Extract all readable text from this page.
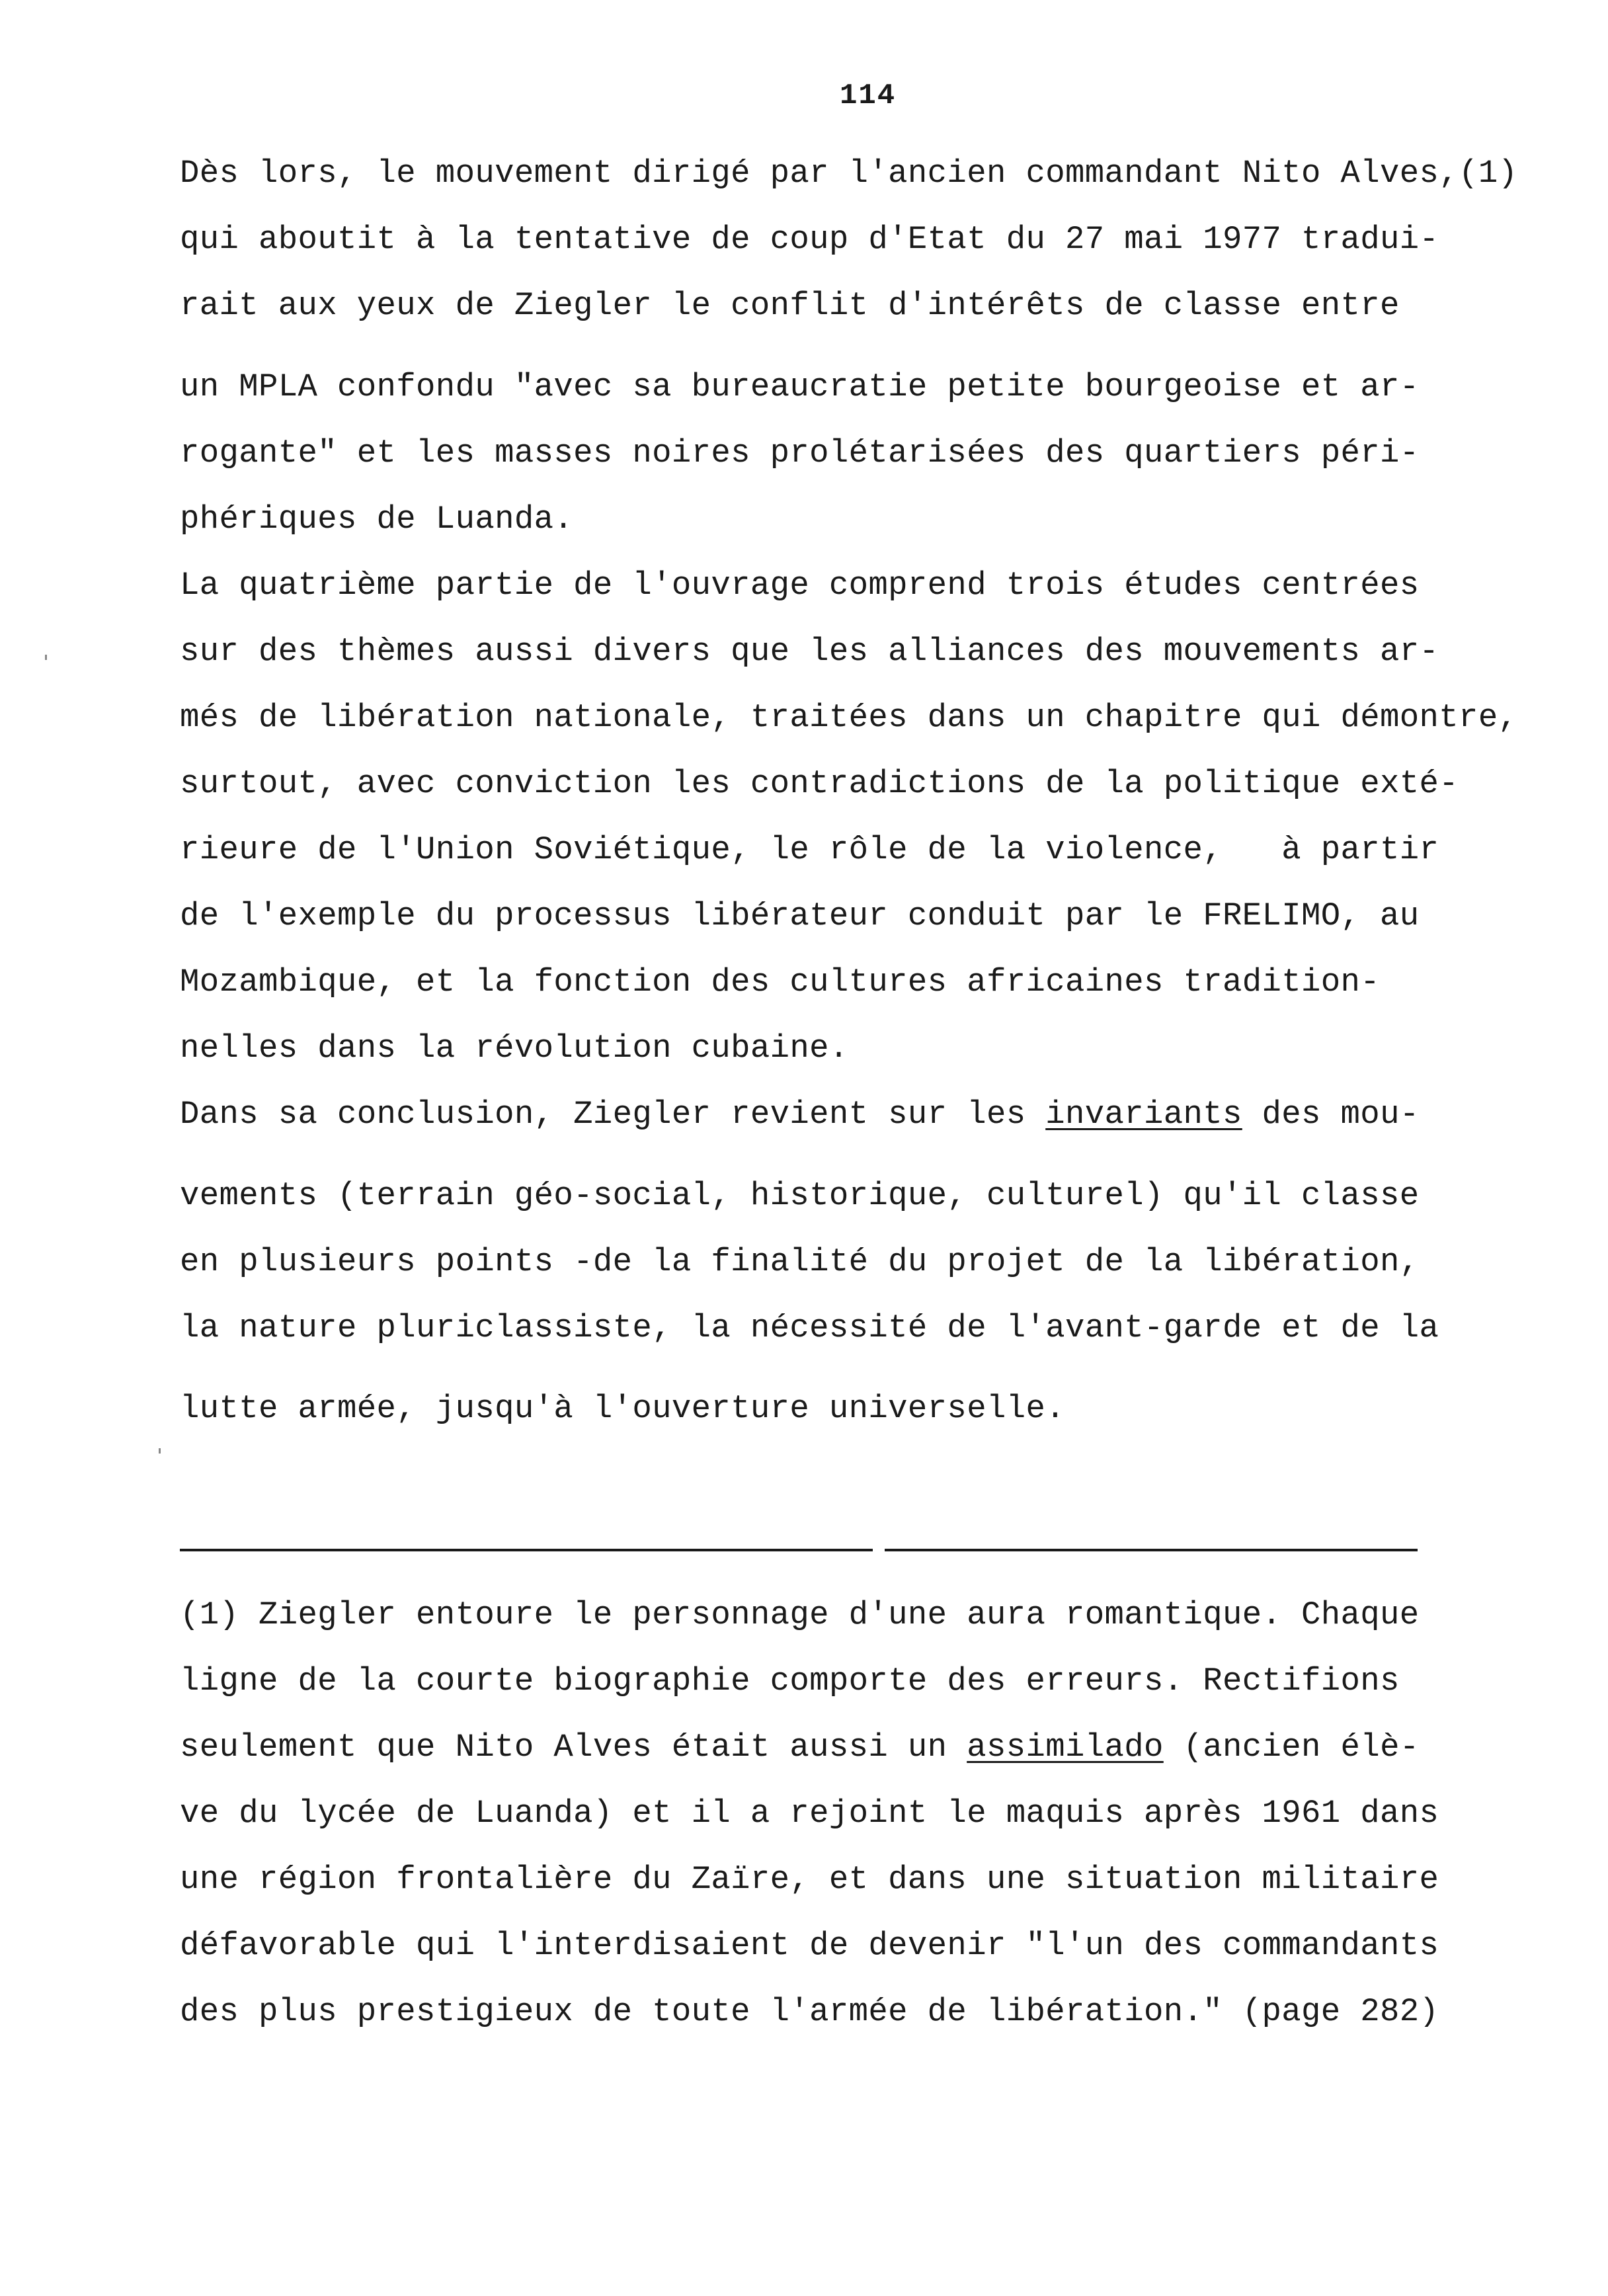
114
Dès lors, le mouvement dirigé par l'ancien commandant Nito Alves,(1)
qui aboutit à la tentative de coup d'Etat du 27 mai 1977 tradui-
rait aux yeux de Ziegler le conflit d'intérêts de classe entre
un MPLA confondu "avec sa bureaucratie petite bourgeoise et ar-
rogante" et les masses noires prolétarisées des quartiers péri-
phériques de Luanda.
La quatrième partie de l'ouvrage comprend trois études centrées
sur des thèmes aussi divers que les alliances des mouvements ar-
més de libération nationale, traitées dans un chapitre qui démontre,
surtout, avec conviction les contradictions de la politique exté-
rieure de l'Union Soviétique, le rôle de la violence,   à partir
de l'exemple du processus libérateur conduit par le FRELIMO, au
Mozambique, et la fonction des cultures africaines tradition-
nelles dans la révolution cubaine.
Dans sa conclusion, Ziegler revient sur les invariants des mou-
vements (terrain géo-social, historique, culturel) qu'il classe
en plusieurs points -de la finalité du projet de la libération,
la nature pluriclassiste, la nécessité de l'avant-garde et de la
lutte armée, jusqu'à l'ouverture universelle.
(1) Ziegler entoure le personnage d'une aura romantique. Chaque
ligne de la courte biographie comporte des erreurs. Rectifions
seulement que Nito Alves était aussi un assimilado (ancien élè-
ve du lycée de Luanda) et il a rejoint le maquis après 1961 dans
une région frontalière du Zaïre, et dans une situation militaire
défavorable qui l'interdisaient de devenir "l'un des commandants
des plus prestigieux de toute l'armée de libération." (page 282)
